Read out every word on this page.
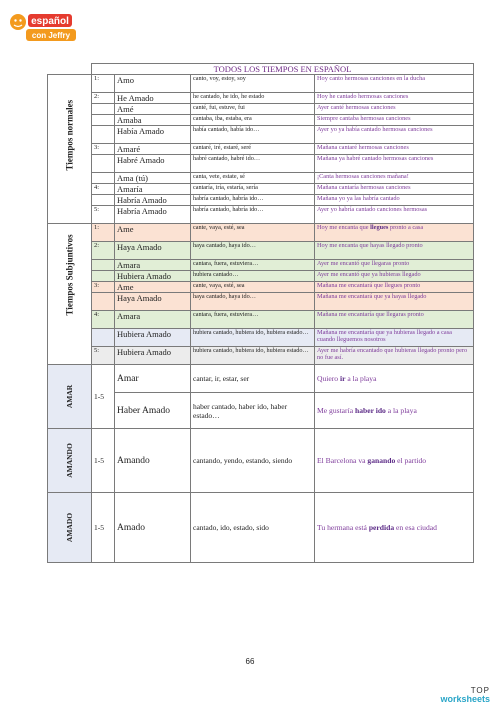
español
con Jeffry
	TODOS LOS TIEMPOS EN ESPAÑOL			

Tiempos normales	1:	Amo	canto, voy, estoy, soy	Hoy canto hermosas canciones en la ducha
	2:	He Amado	he cantado, he ido, he estado	Hoy he cantado hermosas canciones
		Amé	canté, fui, estuve, fui	Ayer canté hermosas canciones
		Amaba	cantaba, iba, estaba, era	Siempre cantaba hermosas canciones
		Había Amado	había cantado, había ido…	Ayer yo ya había cantado hermosas canciones
	3:	Amaré	cantaré, iré, estaré, seré	Mañana cantaré hermosas canciones
		Habré Amado	habré cantado, habré ido…	Mañana ya habré cantado hermosas canciones
		Ama (tú)	canta, vete, estate, sé	¡Canta hermosas canciones mañana!
	4:	Amaría	cantaría, iría, estaría, sería	Mañana cantaría hermosas canciones
		Habría Amado	habría cantado, habría ido…	Mañana yo ya las habría cantado
	5:	Habría Amado	habría cantado, habría ido…	Ayer yo habría cantado canciones hermosas

Tiempos Subjuntivos	1:	Ame	cante, vaya, esté, sea	Hoy me encanta que llegues pronto a casa
	2:	Haya Amado	haya cantado, haya ido…	Hoy me encanta que hayas llegado pronto
		Amara	cantara, fuera, estuviera…	Ayer me encantó que llegaras pronto
		Hubiera Amado	hubiera cantado…	Ayer me encantó que ya hubieras llegado
	3:	Ame	cante, vaya, esté, sea	Mañana me encantará que llegues pronto
		Haya Amado	haya cantado, haya ido…	Mañana me encantará que ya hayas llegado
	4:	Amara	cantara, fuera, estuviera…	Mañana me encantaría que llegaras pronto
		Hubiera Amado	hubiera cantado, hubiera ido, hubiera estado…	Mañana me encantaría que ya hubieras llegado a casa cuando lleguemos nosotros
	5:	Hubiera Amado	hubiera cantado, hubiera ido, hubiera estado…	Ayer me habría encantado que hubieras llegado pronto pero no fue así.

AMAR	1-5	Amar	cantar, ir, estar, ser	Quiero ir a la playa
		Haber Amado	haber cantado, haber ido, haber estado…	Me gustaría haber ido a la playa

AMANDO	1-5	Amando	cantando, yendo, estando, siendo	El Barcelona va ganando el partido

AMADO	1-5	Amado	cantado, ido, estado, sido	Tu hermana está perdida en esa ciudad
66
TOP
worksheets
